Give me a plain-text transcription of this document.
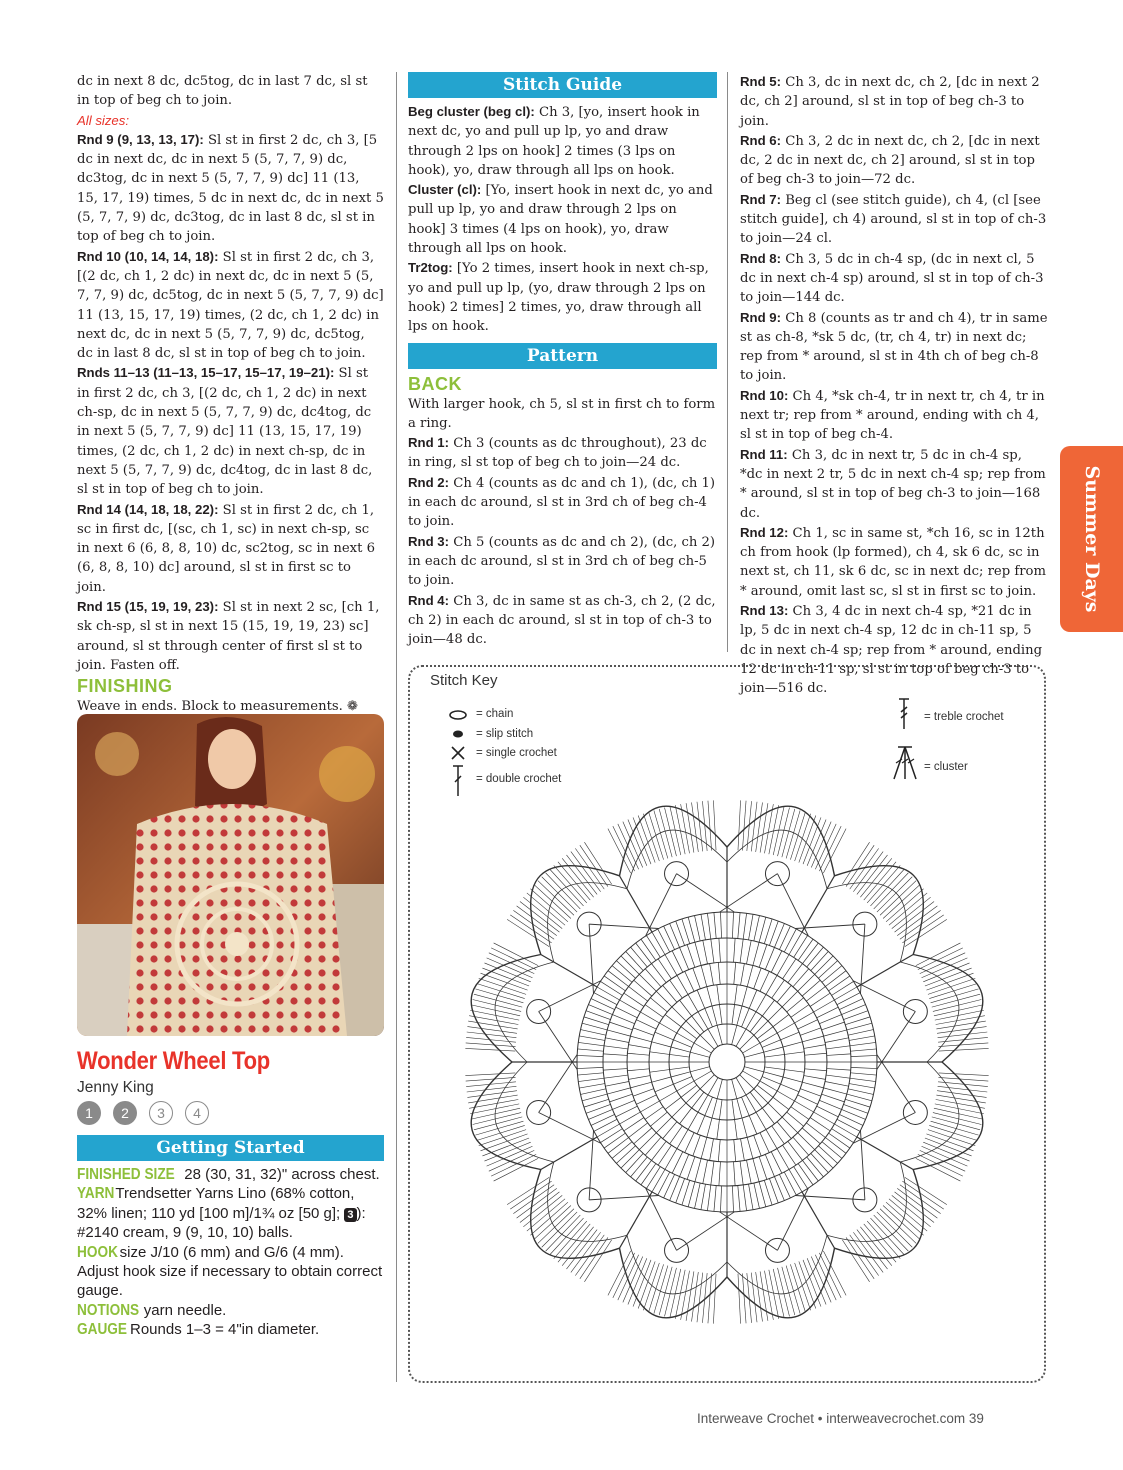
dc in next 8 dc, dc5tog, dc in last 7 dc, sl st in top of beg ch to join.

All sizes:

Rnd 9 (9, 13, 13, 17): Sl st in first 2 dc, ch 3, [5 dc in next dc, dc in next 5 (5, 7, 7, 9) dc, dc3tog, dc in next 5 (5, 7, 7, 9) dc] 11 (13, 15, 17, 19) times, 5 dc in next dc, dc in next 5 (5, 7, 7, 9) dc, dc3tog, dc in last 8 dc, sl st in top of beg ch to join.

Rnd 10 (10, 14, 14, 18): Sl st in first 2 dc, ch 3, [(2 dc, ch 1, 2 dc) in next dc, dc in next 5 (5, 7, 7, 9) dc, dc5tog, dc in next 5 (5, 7, 7, 9) dc] 11 (13, 15, 17, 19) times, (2 dc, ch 1, 2 dc) in next dc, dc in next 5 (5, 7, 7, 9) dc, dc5tog, dc in last 8 dc, sl st in top of beg ch to join.

Rnds 11–13 (11–13, 15–17, 15–17, 19–21): Sl st in first 2 dc, ch 3, [(2 dc, ch 1, 2 dc) in next ch-sp, dc in next 5 (5, 7, 7, 9) dc, dc4tog, dc in next 5 (5, 7, 7, 9) dc] 11 (13, 15, 17, 19) times, (2 dc, ch 1, 2 dc) in next ch-sp, dc in next 5 (5, 7, 7, 9) dc, dc4tog, dc in last 8 dc, sl st in top of beg ch to join.

Rnd 14 (14, 18, 18, 22): Sl st in first 2 dc, ch 1, sc in first dc, [(sc, ch 1, sc) in next ch-sp, sc in next 6 (6, 8, 8, 10) dc, sc2tog, sc in next 6 (6, 8, 8, 10) dc] around, sl st in first sc to join.

Rnd 15 (15, 19, 19, 23): Sl st in next 2 sc, [ch 1, sk ch-sp, sl st in next 15 (15, 19, 19, 23) sc] around, sl st through center of first sl st to join. Fasten off.

FINISHING

Weave in ends. Block to measurements. ❁

Stitch Guide

Beg cluster (beg cl): Ch 3, [yo, insert hook in next dc, yo and pull up lp, yo and draw through 2 lps on hook] 2 times (3 lps on hook), yo, draw through all lps on hook.

Cluster (cl): [Yo, insert hook in next dc, yo and pull up lp, yo and draw through 2 lps on hook] 3 times (4 lps on hook), yo, draw through all lps on hook.

Tr2tog: [Yo 2 times, insert hook in next ch-sp, yo and pull up lp, (yo, draw through 2 lps on hook) 2 times] 2 times, yo, draw through all lps on hook.

Pattern

BACK

With larger hook, ch 5, sl st in first ch to form a ring.

Rnd 1: Ch 3 (counts as dc throughout), 23 dc in ring, sl st top of beg ch to join—24 dc.

Rnd 2: Ch 4 (counts as dc and ch 1), (dc, ch 1) in each dc around, sl st in 3rd ch of beg ch-4 to join.

Rnd 3: Ch 5 (counts as dc and ch 2), (dc, ch 2) in each dc around, sl st in 3rd ch of beg ch-5 to join.

Rnd 4: Ch 3, dc in same st as ch-3, ch 2, (2 dc, ch 2) in each dc around, sl st in top of ch-3 to join—48 dc.

Rnd 5: Ch 3, dc in next dc, ch 2, [dc in next 2 dc, ch 2] around, sl st in top of beg ch-3 to join.

Rnd 6: Ch 3, 2 dc in next dc, ch 2, [dc in next dc, 2 dc in next dc, ch 2] around, sl st in top of beg ch-3 to join—72 dc.

Rnd 7: Beg cl (see stitch guide), ch 4, (cl [see stitch guide], ch 4) around, sl st in top of ch-3 to join—24 cl.

Rnd 8: Ch 3, 5 dc in ch-4 sp, (dc in next cl, 5 dc in next ch-4 sp) around, sl st in top of ch-3 to join—144 dc.

Rnd 9: Ch 8 (counts as tr and ch 4), tr in same st as ch-8, *sk 5 dc, (tr, ch 4, tr) in next dc; rep from * around, sl st in 4th ch of beg ch-8 to join.

Rnd 10: Ch 4, *sk ch-4, tr in next tr, ch 4, tr in next tr; rep from * around, ending with ch 4, sl st in top of beg ch-4.

Rnd 11: Ch 3, dc in next tr, 5 dc in ch-4 sp, *dc in next 2 tr, 5 dc in next ch-4 sp; rep from * around, sl st in top of beg ch-3 to join—168 dc.

Rnd 12: Ch 1, sc in same st, *ch 16, sc in 12th ch from hook (lp formed), ch 4, sk 6 dc, sc in next st, ch 11, sk 6 dc, sc in next dc; rep from * around, omit last sc, sl st in first sc to join.

Rnd 13: Ch 3, 4 dc in next ch-4 sp, *21 dc in lp, 5 dc in next ch-4 sp, 12 dc in ch-11 sp, 5 dc in next ch-4 sp; rep from * around, ending 12 dc in ch-11 sp, sl st in top of beg ch-3 to join—516 dc.

Summer Days
Wonder Wheel Top
Jenny King
1	2	3	4
Getting Started

FINISHED SIZE 28 (30, 31, 32)" across chest.

YARN Trendsetter Yarns Lino (68% cotton, 32% linen; 110 yd [100 m]/1¾ oz [50 g]; 3 ): #2140 cream, 9 (9, 10, 10) balls.

HOOK size J/10 (6 mm) and G/6 (4 mm). Adjust hook size if necessary to obtain correct gauge.

NOTIONS yarn needle.

GAUGE Rounds 1–3 = 4"in diameter.

Stitch Key
= chain
= slip stitch
= single crochet
= double crochet
= treble crochet
= cluster
Interweave Crochet • interweavecrochet.com 39
